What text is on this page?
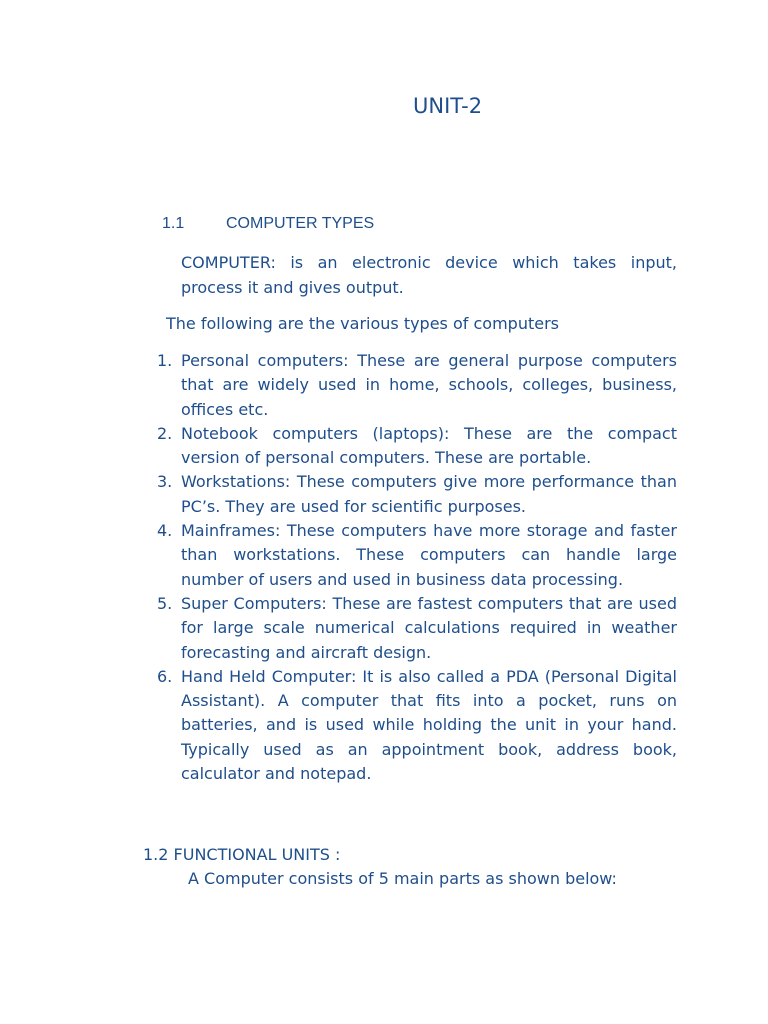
UNIT-2
1.1	COMPUTER TYPES

COMPUTER: is an electronic device which takes input, process it and gives output.

The following are the various types of computers

1. Personal computers: These are general purpose computers that are widely used in home, schools, colleges, business, offices etc.
2. Notebook computers (laptops): These are the compact version of personal computers. These are portable.
3. Workstations: These computers give more performance than PC’s. They are used for scientific purposes.
4. Mainframes: These computers have more storage and faster than workstations. These computers can handle large number of users and used in business data processing.
5. Super Computers: These are fastest computers that are used for large scale numerical calculations required in weather forecasting and aircraft design.
6. Hand Held Computer: It is also called a PDA (Personal Digital Assistant). A computer that fits into a pocket, runs on batteries, and is used while holding the unit in your hand. Typically used as an appointment book, address book, calculator and notepad.
1.2 FUNCTIONAL UNITS :
A Computer consists of 5 main parts as shown below:
